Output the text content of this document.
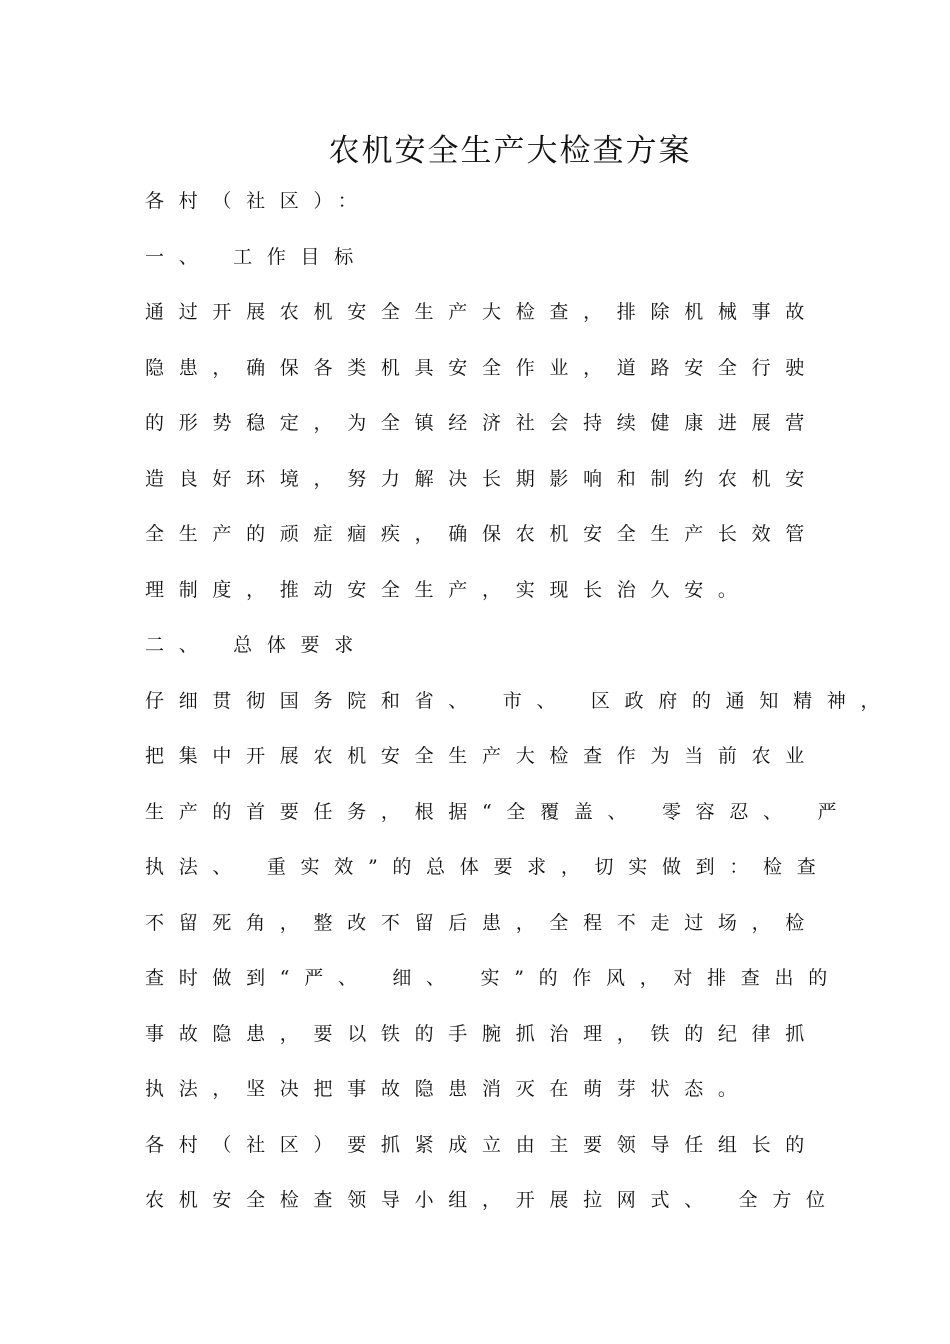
农机安全生产大检查方案
各村（社区）：
一、 工作目标
通过开展农机安全生产大检查，排除机械事故
隐患，确保各类机具安全作业，道路安全行驶
的形势稳定，为全镇经济社会持续健康进展营
造良好环境，努力解决长期影响和制约农机安
全生产的顽症痼疾，确保农机安全生产长效管
理制度，推动安全生产，实现长治久安。
二、 总体要求
仔细贯彻国务院和省、 市、 区政府的通知精神，
把集中开展农机安全生产大检查作为当前农业
生产的首要任务，根据“全覆盖、 零容忍、 严
执法、 重实效”的总体要求，切实做到：检查
不留死角，整改不留后患，全程不走过场，检
查时做到“严、 细、 实”的作风，对排查出的
事故隐患，要以铁的手腕抓治理，铁的纪律抓
执法，坚决把事故隐患消灭在萌芽状态。
各村（社区）要抓紧成立由主要领导任组长的
农机安全检查领导小组，开展拉网式、 全方位
